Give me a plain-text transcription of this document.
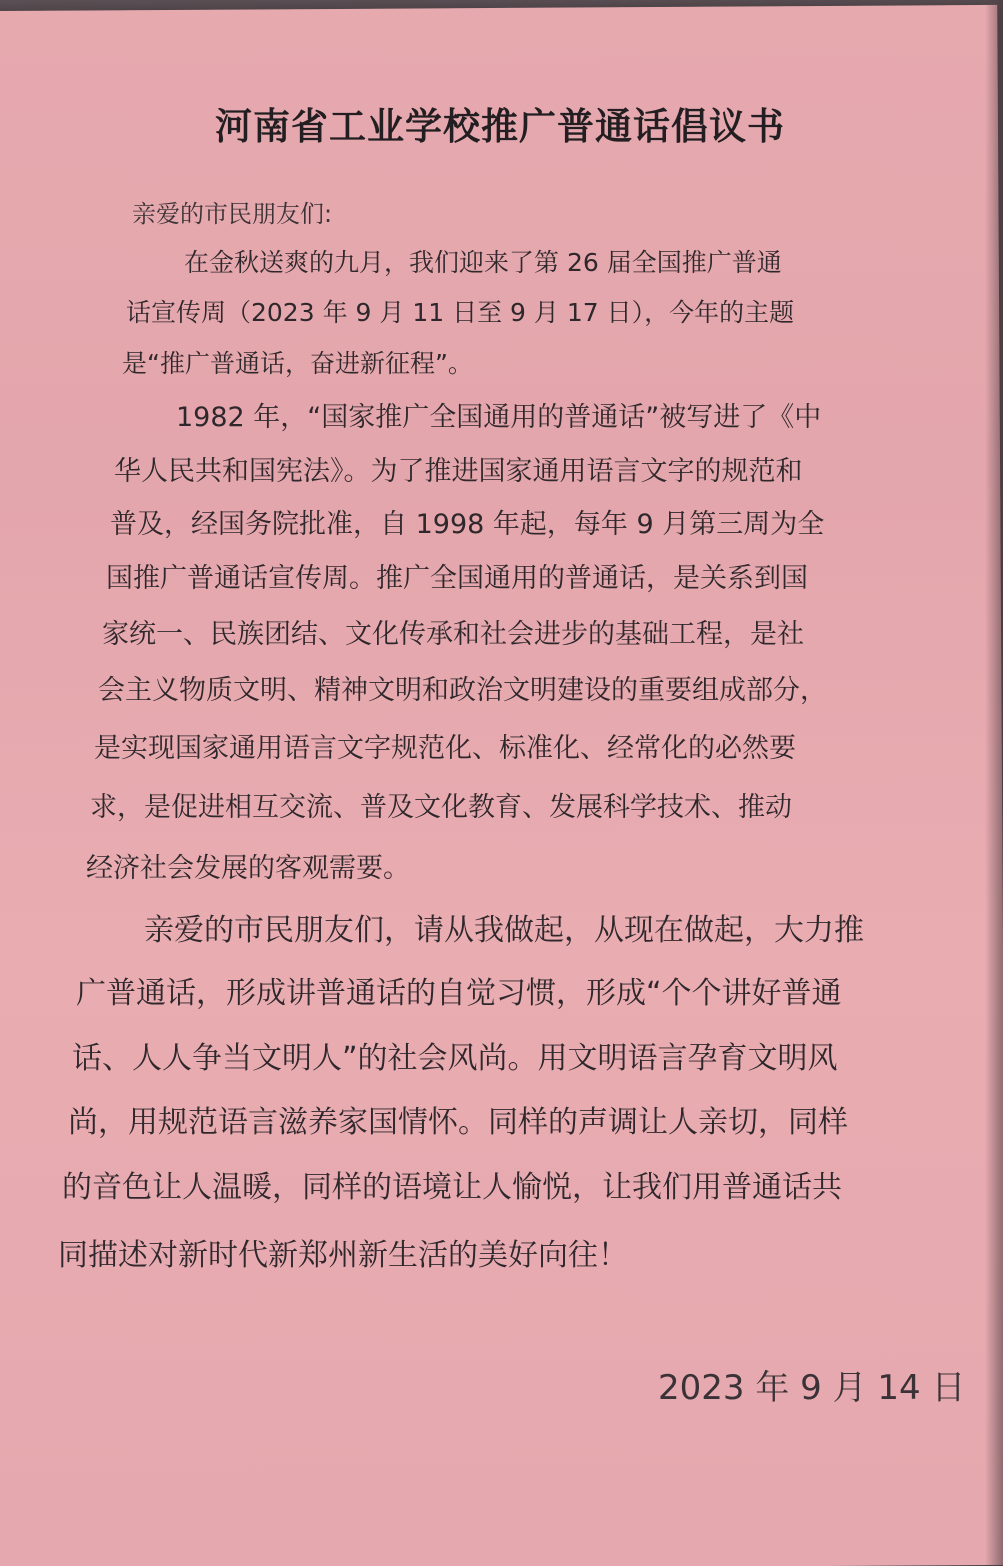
河南省工业学校推广普通话倡议书
亲爱的市民朋友们:
在金秋送爽的九月，我们迎来了第 26 届全国推广普通
话宣传周（2023 年 9 月 11 日至 9 月 17 日），今年的主题
是“推广普通话，奋进新征程”。
1982 年，“国家推广全国通用的普通话”被写进了《中
华人民共和国宪法》。为了推进国家通用语言文字的规范和
普及，经国务院批准，自 1998 年起，每年 9 月第三周为全
国推广普通话宣传周。推广全国通用的普通话，是关系到国
家统一、民族团结、文化传承和社会进步的基础工程，是社
会主义物质文明、精神文明和政治文明建设的重要组成部分，
是实现国家通用语言文字规范化、标准化、经常化的必然要
求，是促进相互交流、普及文化教育、发展科学技术、推动
经济社会发展的客观需要。
亲爱的市民朋友们，请从我做起，从现在做起，大力推
广普通话，形成讲普通话的自觉习惯，形成“个个讲好普通
话、人人争当文明人”的社会风尚。用文明语言孕育文明风
尚，用规范语言滋养家国情怀。同样的声调让人亲切，同样
的音色让人温暖，同样的语境让人愉悦，让我们用普通话共
同描述对新时代新郑州新生活的美好向往！
2023 年 9 月 14 日
